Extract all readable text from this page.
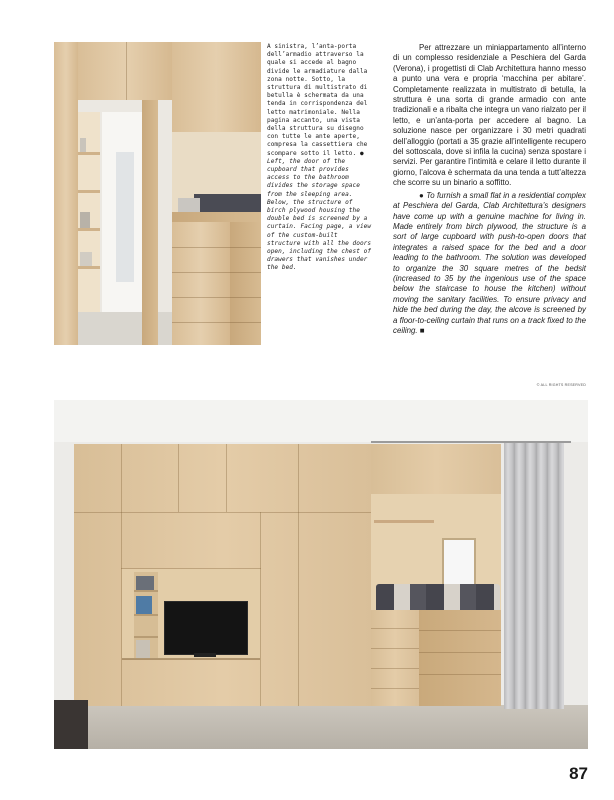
A sinistra, l’anta-porta dell’armadio attraverso la quale si accede al bagno divide le armadiature dalla zona notte. Sotto, la struttura di multistrato di betulla è schermata da una tenda in corrispondenza del letto matrimoniale. Nella pagina accanto, una vista della struttura su disegno con tutte le ante aperte, compresa la cassettiera che scompare sotto il letto. ● Left, the door of the cupboard that provides access to the bathroom divides the storage space from the sleeping area. Below, the structure of birch plywood housing the double bed is screened by a curtain. Facing page, a view of the custom-built structure with all the doors open, including the chest of drawers that vanishes under the bed.

Per attrezzare un miniappartamento all’interno di un complesso residenziale a Peschiera del Garda (Verona), i progettisti di Clab Architettura hanno messo a punto una vera e propria ‘macchina per abitare’. Completamente realizzata in multistrato di betulla, la struttura è una sorta di grande armadio con ante tradizionali e a ribalta che integra un vano rialzato per il letto, e un’anta-porta per accedere al bagno. La soluzione nasce per organizzare i 30 metri quadrati dell’alloggio (portati a 35 grazie all’intelligente recupero del sottoscala, dove si infila la cucina) senza spostare i servizi. Per garantire l’intimità e celare il letto durante il giorno, l’alcova è schermata da una tenda a tutt’altezza che scorre su un binario a soffitto.

● To furnish a small flat in a residential complex at Peschiera del Garda, Clab Architettura’s designers have come up with a genuine machine for living in. Made entirely from birch plywood, the structure is a sort of large cupboard with push-to-open doors that integrates a raised space for the bed and a door leading to the bathroom. The solution was developed to organize the 30 square metres of the bedsit (increased to 35 by the ingenious use of the space below the staircase to house the kitchen) without moving the sanitary facilities. To ensure privacy and hide the bed during the day, the alcove is screened by a floor-to-ceiling curtain that runs on a track fixed to the ceiling. ■

© ALL RIGHTS RESERVED
87
